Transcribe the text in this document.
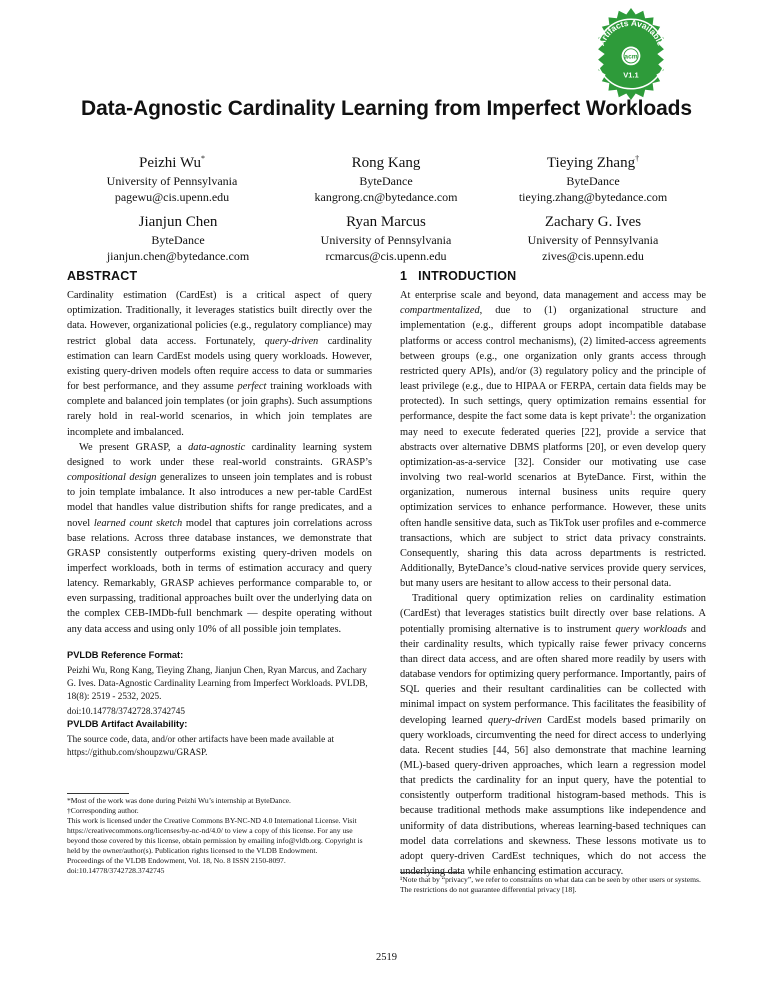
Artifacts Available
acm
V1.1
Data-Agnostic Cardinality Learning from Imperfect Workloads
Peizhi Wu*
University of Pennsylvania
pagewu@cis.upenn.edu
Rong Kang
ByteDance
kangrong.cn@bytedance.com
Tieying Zhang†
ByteDance
tieying.zhang@bytedance.com
Jianjun Chen
ByteDance
jianjun.chen@bytedance.com
Ryan Marcus
University of Pennsylvania
rcmarcus@cis.upenn.edu
Zachary G. Ives
University of Pennsylvania
zives@cis.upenn.edu
ABSTRACT

Cardinality estimation (CardEst) is a critical aspect of query optimization. Traditionally, it leverages statistics built directly over the data. However, organizational policies (e.g., regulatory compliance) may restrict global data access. Fortunately, query-driven cardinality estimation can learn CardEst models using query workloads. However, existing query-driven models often require access to data or summaries for best performance, and they assume perfect training workloads with complete and balanced join templates (or join graphs). Such assumptions rarely hold in real-world scenarios, in which join templates are incomplete and imbalanced.

We present GRASP, a data-agnostic cardinality learning system designed to work under these real-world constraints. GRASP’s compositional design generalizes to unseen join templates and is robust to join template imbalance. It also introduces a new per-table CardEst model that handles value distribution shifts for range predicates, and a novel learned count sketch model that captures join correlations across base relations. Across three database instances, we demonstrate that GRASP consistently outperforms existing query-driven models on imperfect workloads, both in terms of estimation accuracy and query latency. Remarkably, GRASP achieves performance comparable to, or even surpassing, traditional approaches built over the underlying data on the complex CEB-IMDb-full benchmark — despite operating without any data access and using only 10% of all possible join templates.

PVLDB Reference Format:

Peizhi Wu, Rong Kang, Tieying Zhang, Jianjun Chen, Ryan Marcus, and Zachary G. Ives. Data-Agnostic Cardinality Learning from Imperfect Workloads. PVLDB, 18(8): 2519 - 2532, 2025.

doi:10.14778/3742728.3742745

PVLDB Artifact Availability:

The source code, data, and/or other artifacts have been made available at https://github.com/shoupzwu/GRASP.

*Most of the work was done during Peizhi Wu’s internship at ByteDance.

†Corresponding author.

This work is licensed under the Creative Commons BY-NC-ND 4.0 International License. Visit https://creativecommons.org/licenses/by-nc-nd/4.0/ to view a copy of this license. For any use beyond those covered by this license, obtain permission by emailing info@vldb.org. Copyright is held by the owner/author(s). Publication rights licensed to the VLDB Endowment.

Proceedings of the VLDB Endowment, Vol. 18, No. 8 ISSN 2150-8097.

doi:10.14778/3742728.3742745

1   INTRODUCTION

At enterprise scale and beyond, data management and access may be compartmentalized, due to (1) organizational structure and implementation (e.g., different groups adopt incompatible database platforms or access control mechanisms), (2) limited-access agreements between groups (e.g., one organization only grants access through restricted query APIs), and/or (3) regulatory policy and the principle of least privilege (e.g., due to HIPAA or FERPA, certain data fields may be protected). In such settings, query optimization remains essential for performance, despite the fact some data is kept private$^1$: the organization may need to execute federated queries [22], provide a service that abstracts over alternative DBMS platforms [20], or even develop query optimization-as-a-service [32]. Consider our motivating use case involving two real-world scenarios at ByteDance. First, within the organization, numerous internal business units require query optimization services to enhance performance. However, these units often handle sensitive data, such as TikTok user profiles and e-commerce transactions, which are subject to strict data privacy constraints. Consequently, sharing this data across departments is restricted. Additionally, ByteDance’s cloud-native services provide query services, but many users are hesitant to allow access to their personal data.

Traditional query optimization relies on cardinality estimation (CardEst) that leverages statistics built directly over base relations. A potentially promising alternative is to instrument query workloads and their cardinality results, which typically raise fewer privacy concerns than direct data access, and are often shared more readily by users with database vendors for optimizing query performance. Importantly, pairs of SQL queries and their resultant cardinalities can be collected with minimal impact on system performance. This facilitates the feasibility of developing learned query-driven CardEst models based primarily on query workloads, circumventing the need for direct access to underlying data. Recent studies [44, 56] also demonstrate that machine learning (ML)-based query-driven approaches, which learn a regression model that predicts the cardinality for an input query, have the potential to consistently outperform traditional histogram-based methods. This is because traditional methods make assumptions like independence and uniformity of data distributions, whereas learning-based techniques can model data correlations and skewness. These lessons motivate us to adopt query-driven CardEst techniques, which do not access the underlying data while enhancing estimation accuracy.

¹Note that by “privacy”, we refer to constraints on what data can be seen by other users or systems. The restrictions do not guarantee differential privacy [18].

2519
